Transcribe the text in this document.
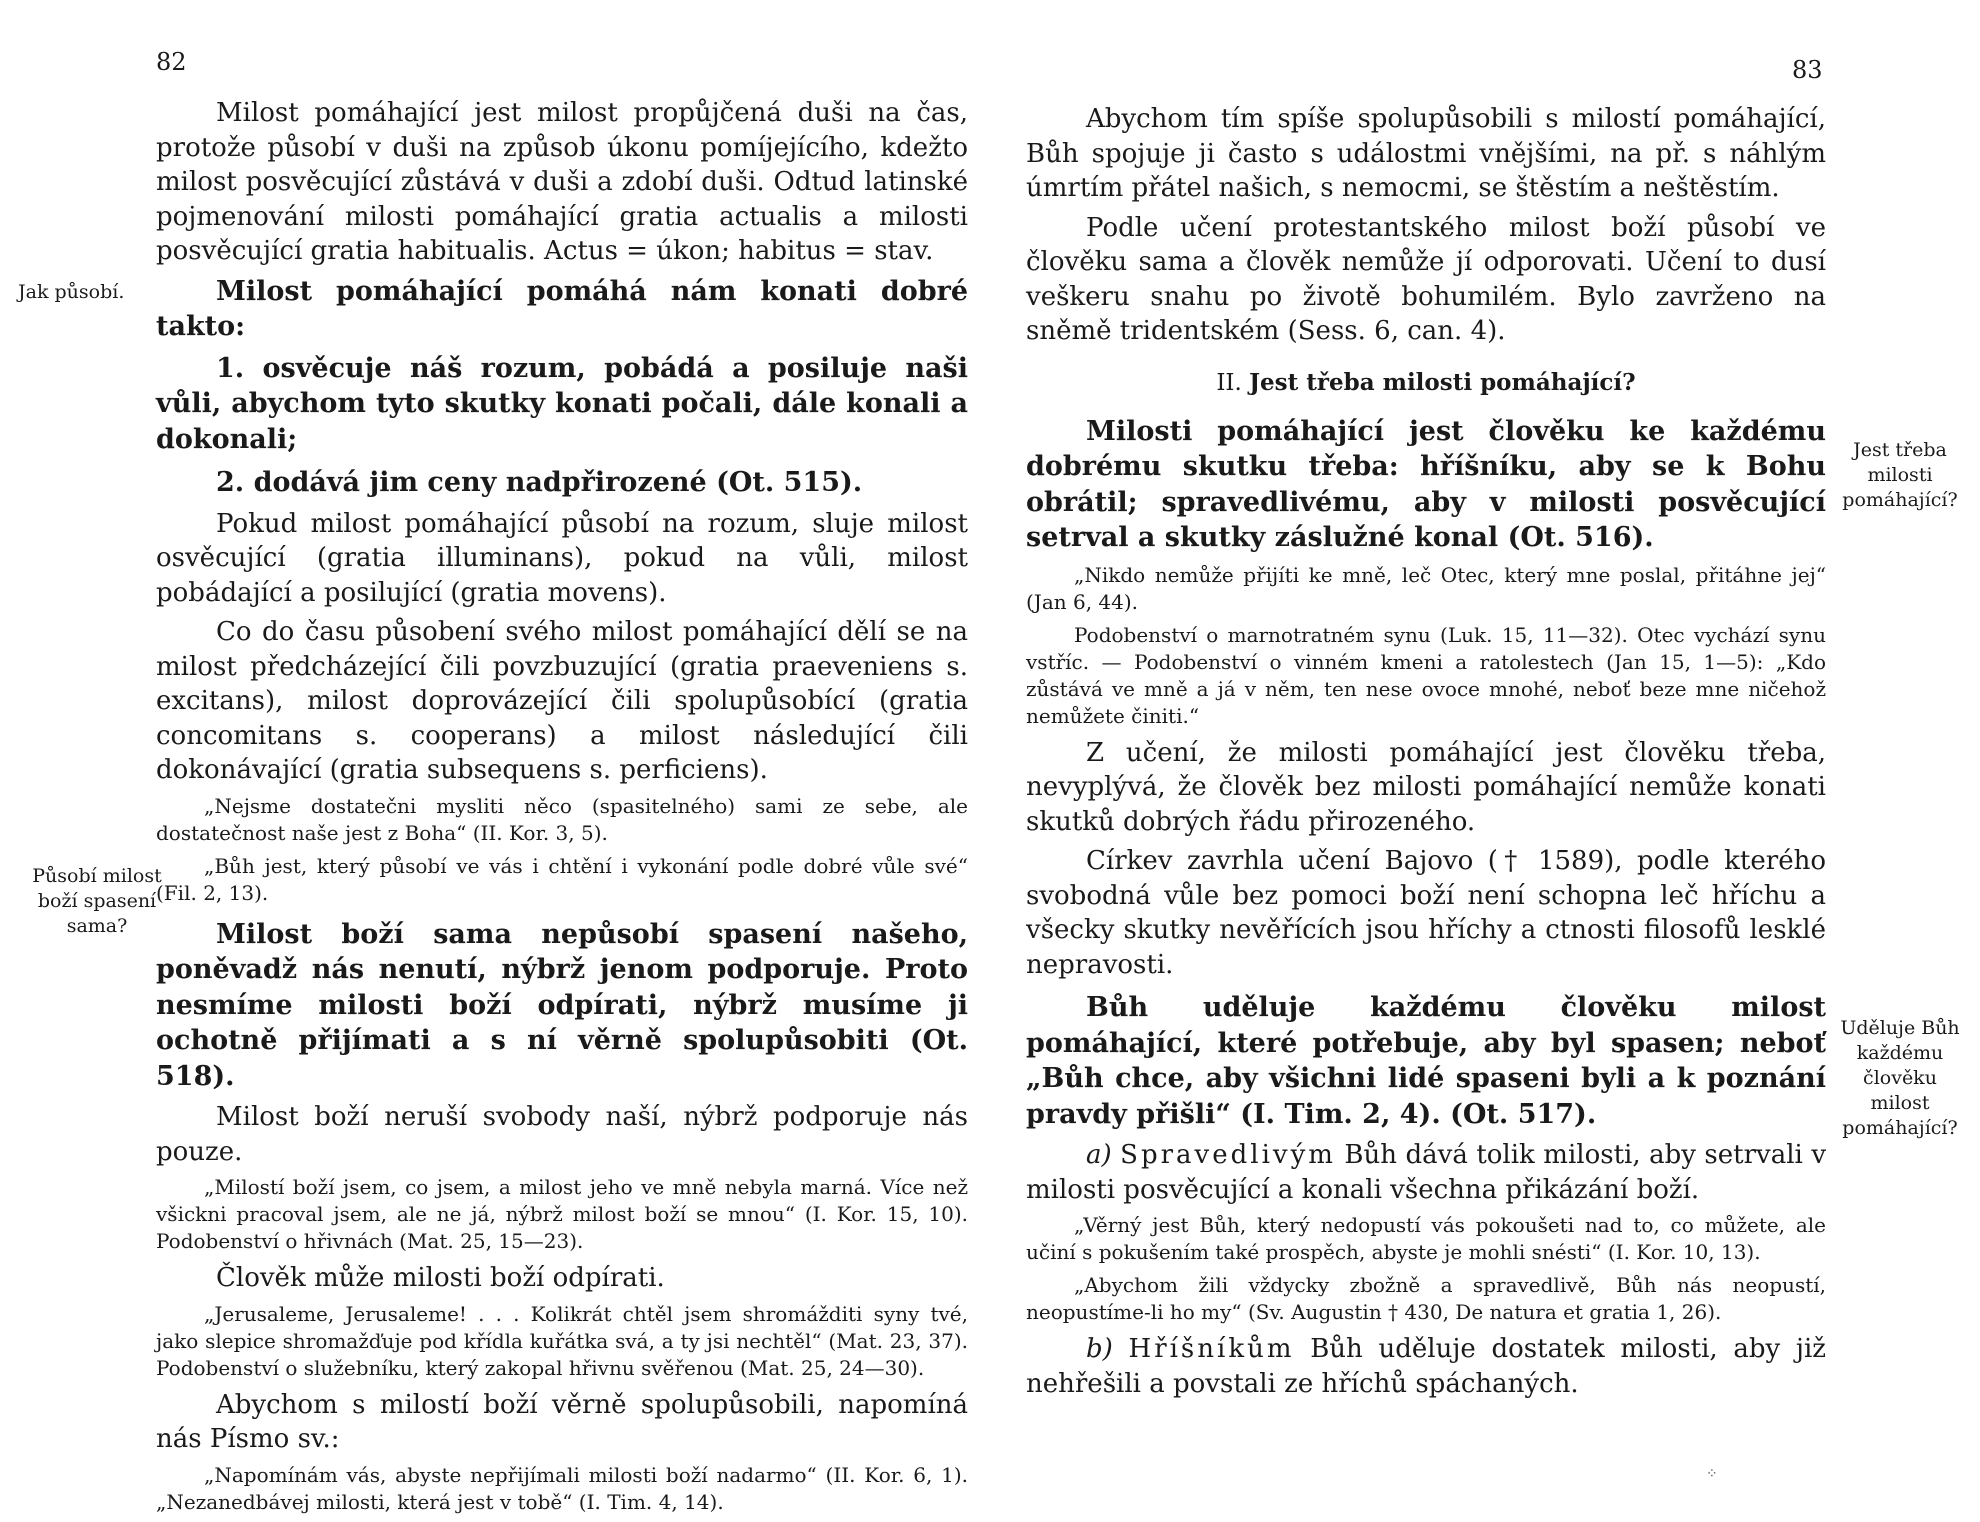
82
Jak působí.
Působí milost boží spasení sama?

Milost pomáhající jest milost propůjčená duši na čas, protože působí v duši na způsob úkonu pomíjejícího, kdežto milost posvěcující zůstává v duši a zdobí duši. Odtud latinské pojmenování milosti pomáhající gratia actualis a milosti posvěcující gratia habitualis. Actus = úkon; habitus = stav.

Milost pomáhající pomáhá nám konati dobré takto:

1. osvěcuje náš rozum, pobádá a posiluje naši vůli, abychom tyto skutky konati počali, dále konali a dokonali;

2. dodává jim ceny nadpřirozené (Ot. 515).

Pokud milost pomáhající působí na rozum, sluje milost osvěcující (gratia illuminans), pokud na vůli, milost pobádající a posilující (gratia movens).

Co do času působení svého milost pomáhající dělí se na milost předcházející čili povzbuzující (gratia praeveniens s. excitans), milost doprovázející čili spolupůsobící (gratia concomitans s. cooperans) a milost následující čili dokonávající (gratia subsequens s. perficiens).

„Nejsme dostatečni mysliti něco (spasitelného) sami ze sebe, ale dostatečnost naše jest z Boha“ (II. Kor. 3, 5).

„Bůh jest, který působí ve vás i chtění i vykonání podle dobré vůle své“ (Fil. 2, 13).

Milost boží sama nepůsobí spasení našeho, poněvadž nás nenutí, nýbrž jenom podporuje. Proto nesmíme milosti boží odpírati, nýbrž musíme ji ochotně přijímati a s ní věrně spolupůsobiti (Ot. 518).

Milost boží neruší svobody naší, nýbrž podporuje nás pouze.

„Milostí boží jsem, co jsem, a milost jeho ve mně nebyla marná. Více než všickni pracoval jsem, ale ne já, nýbrž milost boží se mnou“ (I. Kor. 15, 10). Podobenství o hřivnách (Mat. 25, 15—23).

Člověk může milosti boží odpírati.

„Jerusaleme, Jerusaleme! . . . Kolikrát chtěl jsem shromážditi syny tvé, jako slepice shromažďuje pod křídla kuřátka svá, a ty jsi nechtěl“ (Mat. 23, 37). Podobenství o služebníku, který zakopal hřivnu svěřenou (Mat. 25, 24—30).

Abychom s milostí boží věrně spolupůsobili, napomíná nás Písmo sv.:

„Napomínám vás, abyste nepřijímali milosti boží nadarmo“ (II. Kor. 6, 1). „Nezanedbávej milosti, která jest v tobě“ (I. Tim. 4, 14).

83
Jest třeba milosti pomáhající?
Uděluje Bůh každému člověku milost pomáhající?

Abychom tím spíše spolupůsobili s milostí pomáhající, Bůh spojuje ji často s událostmi vnějšími, na př. s náhlým úmrtím přátel našich, s nemocmi, se štěstím a neštěstím.

Podle učení protestantského milost boží působí ve člověku sama a člověk nemůže jí odporovati. Učení to dusí veškeru snahu po životě bohumilém. Bylo zavrženo na sněmě tridentském (Sess. 6, can. 4).

II. Jest třeba milosti pomáhající?

Milosti pomáhající jest člověku ke každému dobrému skutku třeba: hříšníku, aby se k Bohu obrátil; spravedlivému, aby v milosti posvěcující setrval a skutky záslužné konal (Ot. 516).

„Nikdo nemůže přijíti ke mně, leč Otec, který mne poslal, přitáhne jej“ (Jan 6, 44).

Podobenství o marnotratném synu (Luk. 15, 11—32). Otec vychází synu vstříc. — Podobenství o vinném kmeni a ratolestech (Jan 15, 1—5): „Kdo zůstává ve mně a já v něm, ten nese ovoce mnohé, neboť beze mne ničehož nemůžete činiti.“

Z učení, že milosti pomáhající jest člověku třeba, nevyplývá, že člověk bez milosti pomáhající nemůže konati skutků dobrých řádu přirozeného.

Církev zavrhla učení Bajovo († 1589), podle kterého svobodná vůle bez pomoci boží není schopna leč hříchu a všecky skutky nevěřících jsou hříchy a ctnosti filosofů lesklé nepravosti.

Bůh uděluje každému člověku milost pomáhající, které potřebuje, aby byl spasen; neboť „Bůh chce, aby všichni lidé spaseni byli a k poznání pravdy přišli“ (I. Tim. 2, 4). (Ot. 517).

a) Spravedlivým Bůh dává tolik milosti, aby setrvali v milosti posvěcující a konali všechna přikázání boží.

„Věrný jest Bůh, který nedopustí vás pokoušeti nad to, co můžete, ale učiní s pokušením také prospěch, abyste je mohli snésti“ (I. Kor. 10, 13).

„Abychom žili vždycky zbožně a spravedlivě, Bůh nás neopustí, neopustíme-li ho my“ (Sv. Augustin † 430, De natura et gratia 1, 26).

b) Hříšníkům Bůh uděluje dostatek milosti, aby již nehřešili a povstali ze hříchů spáchaných.

⁘
